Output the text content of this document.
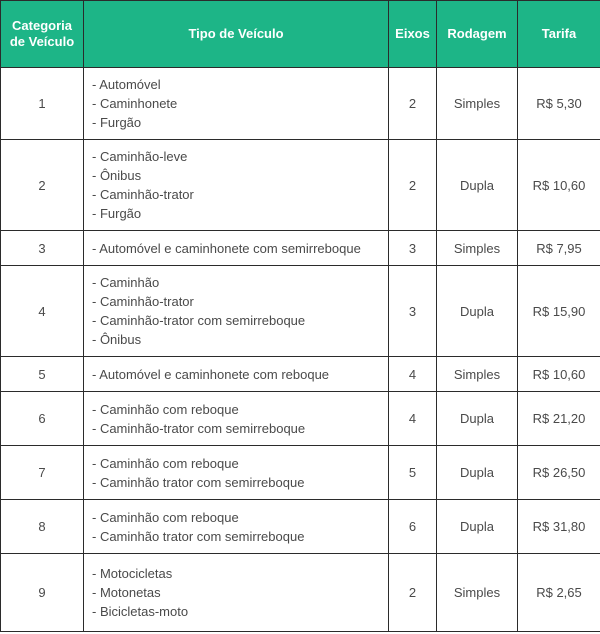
Categoria de Veículo	Tipo de Veículo	Eixos	Rodagem	Tarifa
1	- Automóvel
- Caminhonete
- Furgão	2	Simples	R$ 5,30
2	- Caminhão-leve
- Ônibus
- Caminhão-trator
- Furgão	2	Dupla	R$ 10,60
3	- Automóvel e caminhonete com semirreboque	3	Simples	R$ 7,95
4	- Caminhão
- Caminhão-trator
- Caminhão-trator com semirreboque
- Ônibus	3	Dupla	R$ 15,90
5	- Automóvel e caminhonete com reboque	4	Simples	R$ 10,60
6	- Caminhão com reboque
- Caminhão-trator com semirreboque	4	Dupla	R$ 21,20
7	- Caminhão com reboque
- Caminhão trator com semirreboque	5	Dupla	R$ 26,50
8	- Caminhão com reboque
- Caminhão trator com semirreboque	6	Dupla	R$ 31,80
9	- Motocicletas
- Motonetas
- Bicicletas-moto	2	Simples	R$ 2,65
